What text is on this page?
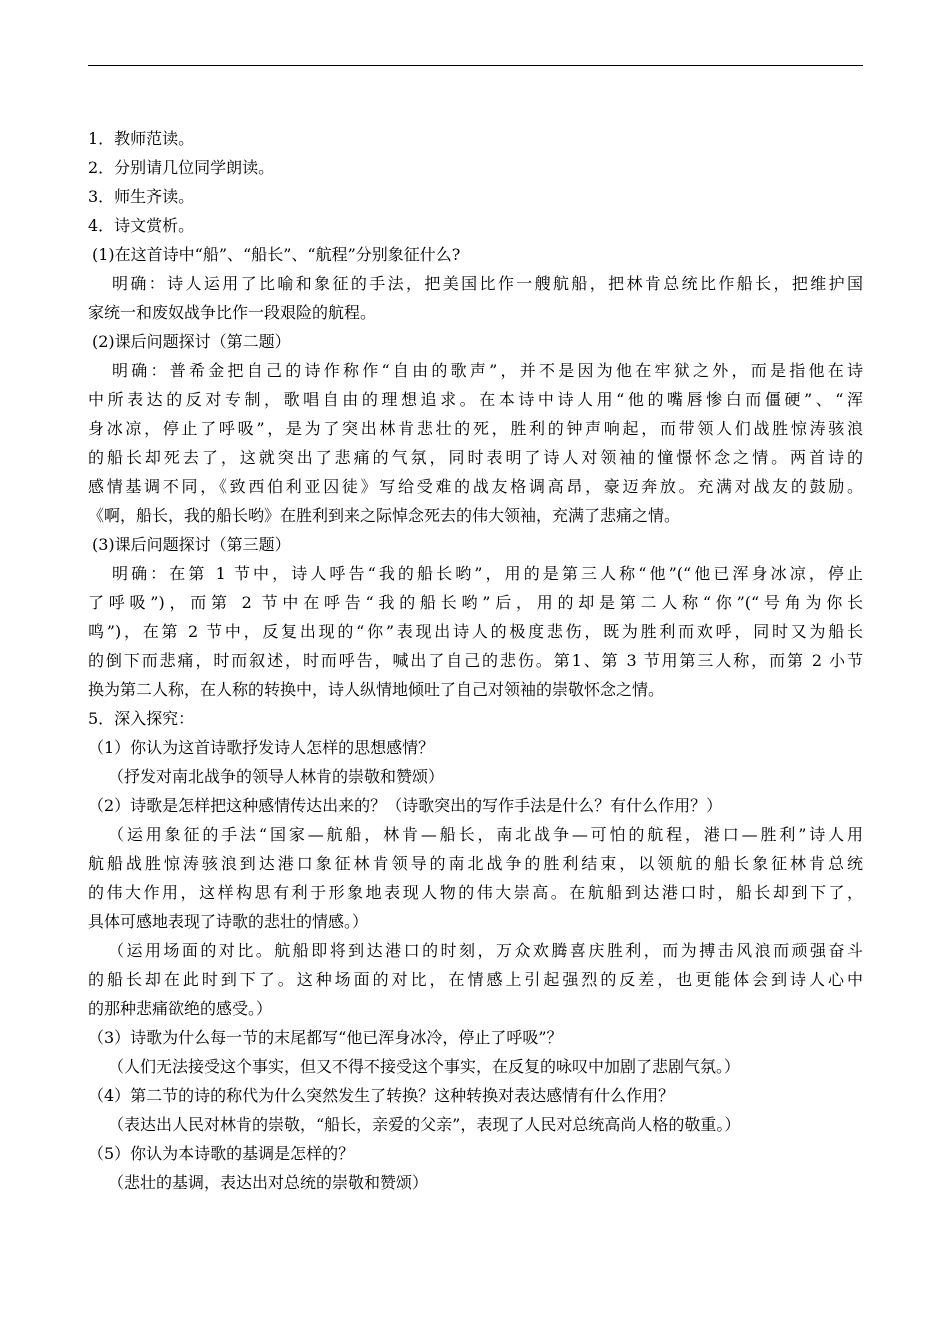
1．教师范读。
2．分别请几位同学朗读。
3．师生齐读。
4．诗文赏析。
(1)在这首诗中“船”、“船长”、“航程”分别象征什么?
明确：诗人运用了比喻和象征的手法，把美国比作一艘航船，把林肯总统比作船长，把维护国
家统一和废奴战争比作一段艰险的航程。
(2)课后问题探讨（第二题）
明确：普希金把自己的诗作称作“自由的歌声”，并不是因为他在牢狱之外，而是指他在诗
中所表达的反对专制，歌唱自由的理想追求。在本诗中诗人用“他的嘴唇惨白而僵硬”、“浑
身冰凉，停止了呼吸”，是为了突出林肯悲壮的死，胜利的钟声响起，而带领人们战胜惊涛骇浪
的船长却死去了，这就突出了悲痛的气氛，同时表明了诗人对领袖的憧憬怀念之情。两首诗的
感情基调不同，《致西伯利亚囚徒》写给受难的战友格调高昂，豪迈奔放。充满对战友的鼓励。
《啊，船长，我的船长哟》在胜利到来之际悼念死去的伟大领袖，充满了悲痛之情。
(3)课后问题探讨（第三题）
明确：在第 1 节中，诗人呼告“我的船长哟”，用的是第三人称“他”(“他已浑身冰凉，停止
了呼吸”)，而第 2 节中在呼告“我的船长哟”后，用的却是第二人称“你”(“号角为你长
鸣”)，在第 2 节中，反复出现的“你”表现出诗人的极度悲伤，既为胜利而欢呼，同时又为船长
的倒下而悲痛，时而叙述，时而呼告，喊出了自己的悲伤。第1、第 3 节用第三人称，而第 2 小节
换为第二人称，在人称的转换中，诗人纵情地倾吐了自己对领袖的崇敬怀念之情。
5．深入探究：
（1）你认为这首诗歌抒发诗人怎样的思想感情？
（抒发对南北战争的领导人林肯的崇敬和赞颂）
（2）诗歌是怎样把这种感情传达出来的？（诗歌突出的写作手法是什么？有什么作用？）
（运用象征的手法“国家—航船，林肯—船长，南北战争—可怕的航程，港口—胜利”诗人用
航船战胜惊涛骇浪到达港口象征林肯领导的南北战争的胜利结束，以领航的船长象征林肯总统
的伟大作用，这样构思有利于形象地表现人物的伟大崇高。在航船到达港口时，船长却到下了，
具体可感地表现了诗歌的悲壮的情感。）
（运用场面的对比。航船即将到达港口的时刻，万众欢腾喜庆胜利，而为搏击风浪而顽强奋斗
的船长却在此时到下了。这种场面的对比，在情感上引起强烈的反差，也更能体会到诗人心中
的那种悲痛欲绝的感受。）
（3）诗歌为什么每一节的末尾都写“他已浑身冰冷，停止了呼吸”？
（人们无法接受这个事实，但又不得不接受这个事实，在反复的咏叹中加剧了悲剧气氛。）
（4）第二节的诗的称代为什么突然发生了转换？这种转换对表达感情有什么作用？
（表达出人民对林肯的崇敬，“船长，亲爱的父亲”，表现了人民对总统高尚人格的敬重。）
（5）你认为本诗歌的基调是怎样的？
（悲壮的基调，表达出对总统的崇敬和赞颂）
